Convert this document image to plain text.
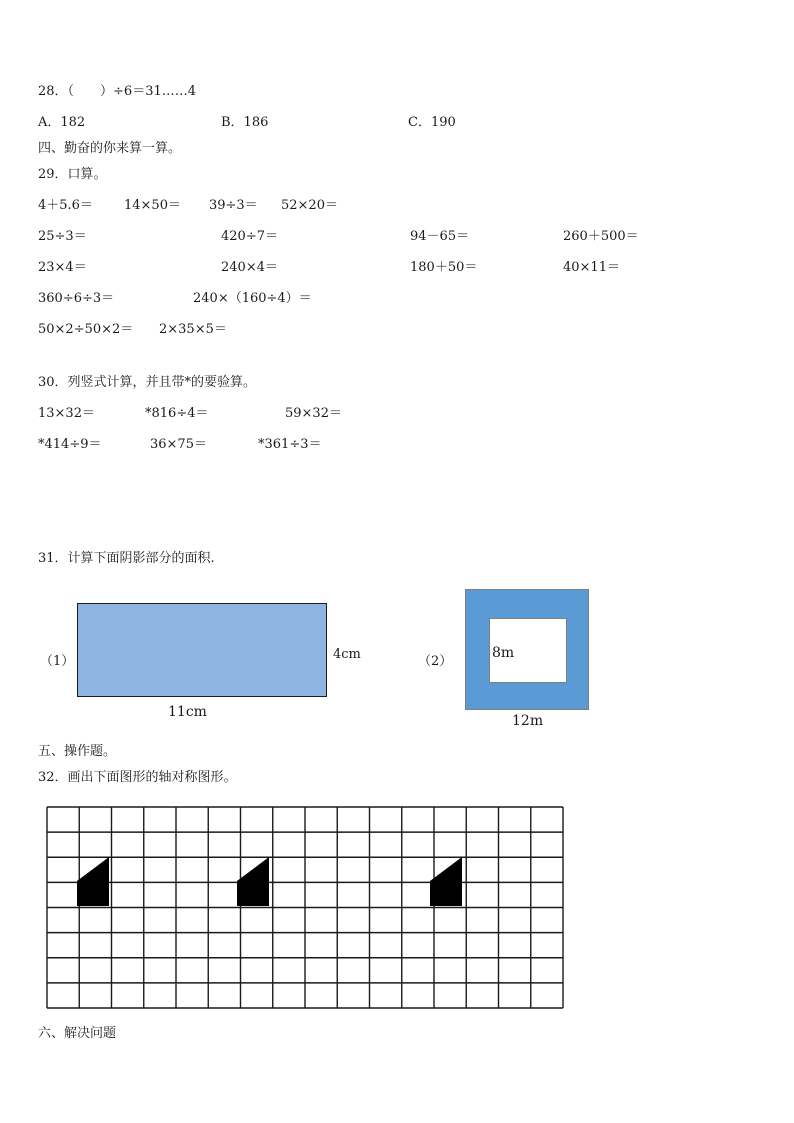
28．（　　）÷6＝31……4
A．182	B．186	C．190
四、勤奋的你来算一算。
29．口算。
4＋5.6＝ 14×50＝ 39÷3＝ 52×20＝
25÷3＝	420÷7＝	94－65＝	260＋500＝
23×4＝	240×4＝	180＋50＝	40×11＝
360÷6÷3＝	240×（160÷4）＝
50×2÷50×2＝ 2×35×5＝
30．列竖式计算，并且带*的要验算。
13×32＝	*816÷4＝	59×32＝
*414÷9＝	36×75＝	*361÷3＝
31．计算下面阴影部分的面积.
（1）	4cm
11cm
（2）
8m
12m
五、操作题。
32．画出下面图形的轴对称图形。
六、解决问题
